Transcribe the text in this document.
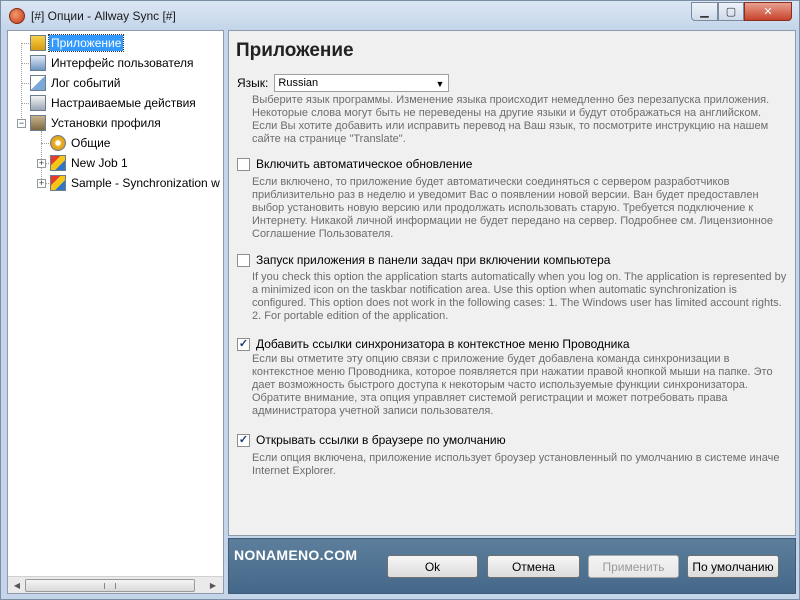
[#] Опции - Allway Sync [#]	▁	▢	✕
−
+
+
Приложение
Интерфейс пользователя
Лог событий
Настраиваемые действия
Установки профиля
Общие
New Job 1
Sample - Synchronization w
◀	▶
Приложение
Язык: Russian	▼
Выберите язык программы. Изменение языка происходит немедленно без перезапуска приложения. Некоторые слова могут быть не переведены на другие языки и будут отображаться на английском. Если Вы хотите добавить или исправить перевод на Ваш язык, то посмотрите инструкцию на нашем сайте на странице "Translate".
Включить автоматическое обновление
Если включено, то приложение будет автоматически соединяться с сервером разработчиков приблизительно раз в неделю и уведомит Вас о появлении новой версии. Ван будет предоставлен выбор установить новую версию или продолжать использовать старую. Требуется подключение к Интернету. Никакой личной информации не будет передано на сервер. Подробнее см. Лицензионное Соглашение Пользователя.
Запуск приложения в панели задач при включении компьютера
If you check this option the application starts automatically when you log on. The application is represented by a minimized icon on the taskbar notification area. Use this option when automatic synchronization is configured. This option does not work in the following cases: 1. The Windows user has limited account rights. 2. For portable edition of the application.
✓ Добавить ссылки синхронизатора в контекстное меню Проводника
Если вы отметите эту опцию связи с приложение будет добавлена команда синхронизации в контекстное меню Проводника, которое появляется при нажатии правой кнопкой мыши на папке. Это дает возможность быстрого доступа к некоторым часто используемые функции синхронизатора. Обратите внимание, эта опция управляет системой регистрации и может потребовать права администратора учетной записи пользователя.
✓ Открывать ссылки в браузере по умолчанию
Если опция включена, приложение использует броузер установленный по умолчанию в системе иначе Internet Explorer.
NONAMENO.COM
Ok	Отмена	Применить	По умолчанию
